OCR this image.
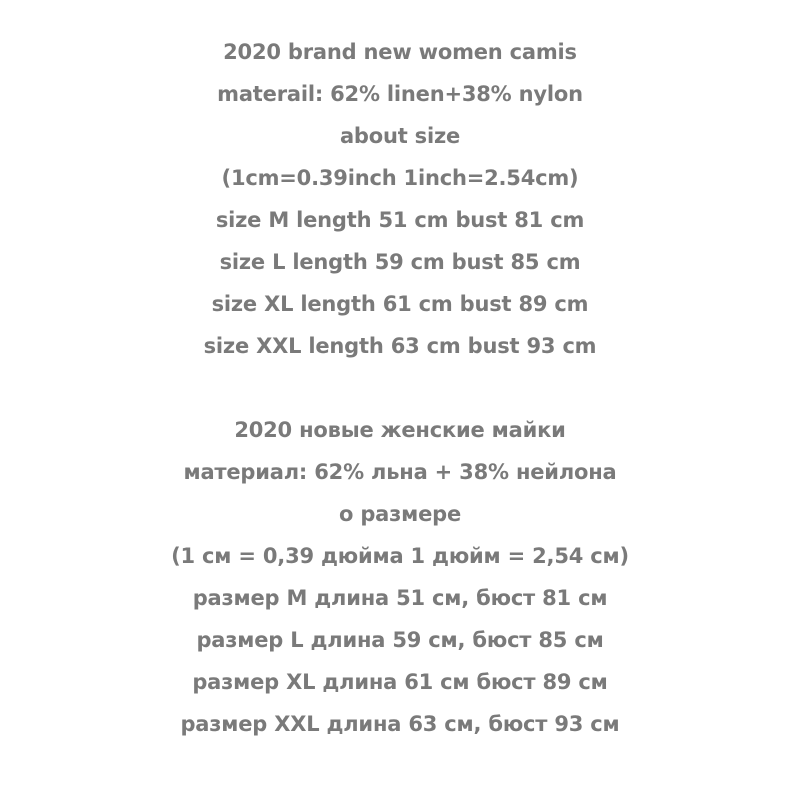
2020 brand new women camis
materail: 62% linen+38% nylon
about size
(1cm=0.39inch 1inch=2.54cm)
size M length 51 cm bust 81 cm
size L length 59 cm bust 85 cm
size XL length 61 cm bust 89 cm
size XXL length 63 cm bust 93 cm
2020 новые женские майки
материал: 62% льна + 38% нейлона
о размере
(1 см = 0,39 дюйма 1 дюйм = 2,54 см)
размер M длина 51 см, бюст 81 см
размер L длина 59 см, бюст 85 см
размер XL длина 61 см бюст 89 см
размер XXL длина 63 см, бюст 93 см
